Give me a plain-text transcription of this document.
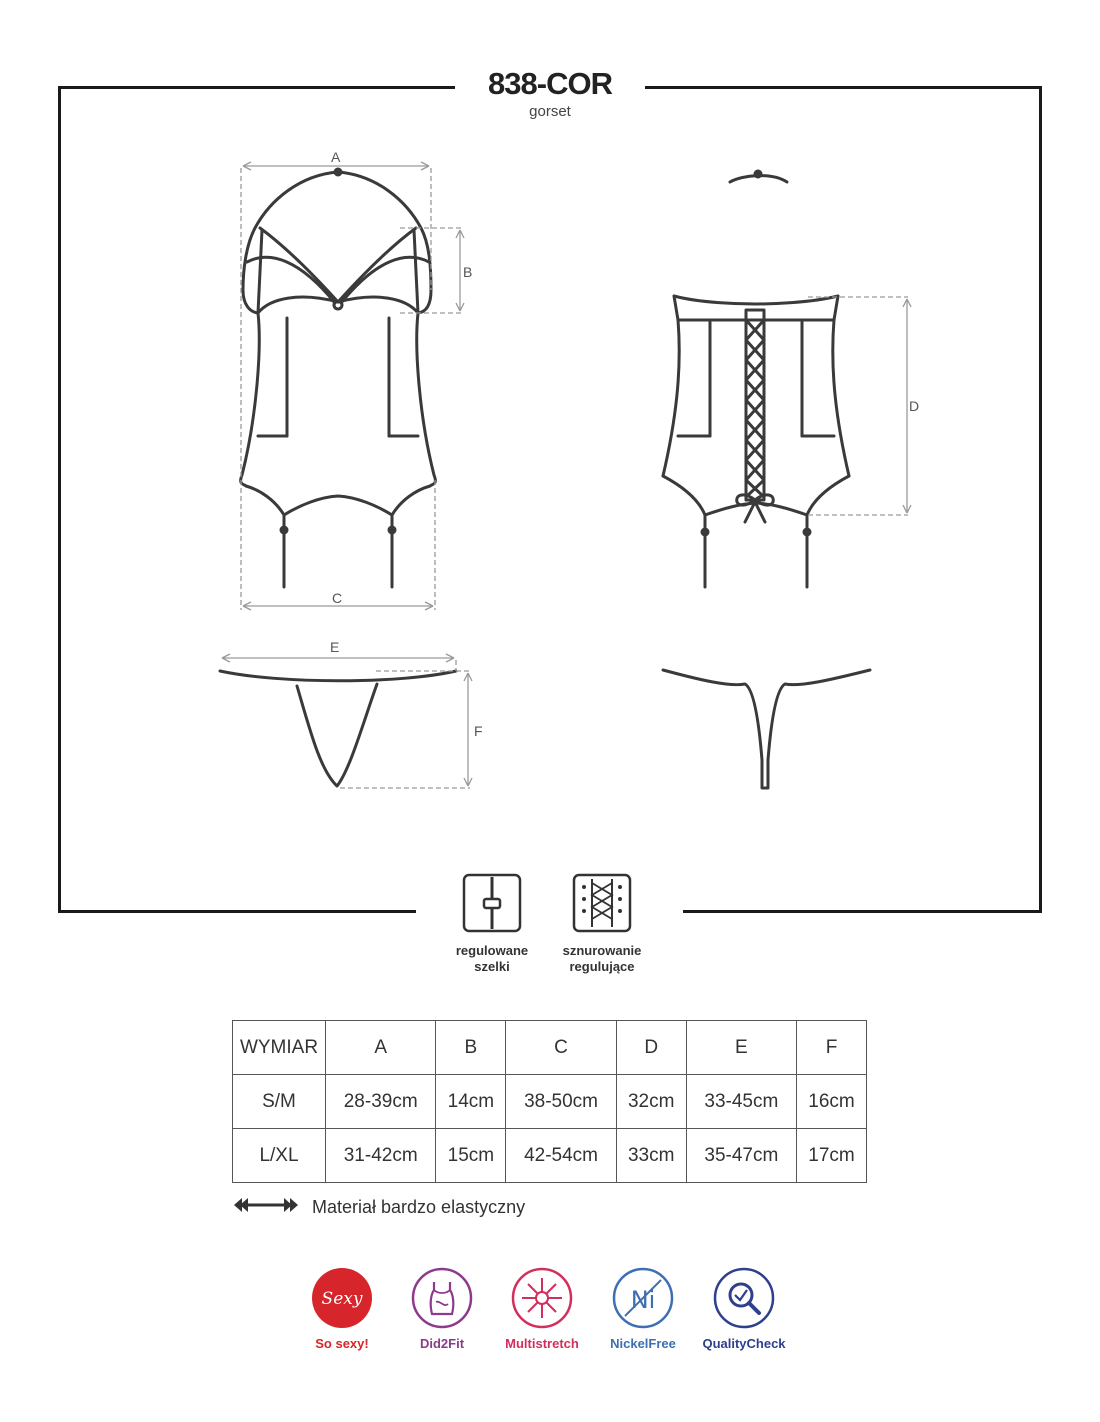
838-COR
gorset
A
B
C
D
E
F
regulowane
szelki
sznurowanie
regulujące
WYMIAR	A	B	C	D	E	F
S/M	28-39cm	14cm	38-50cm	32cm	33-45cm	16cm
L/XL	31-42cm	15cm	42-54cm	33cm	35-47cm	17cm
Materiał bardzo elastyczny
Sexy
So sexy!	Did2Fit	Multistretch
Ni
NickelFree	QualityCheck
